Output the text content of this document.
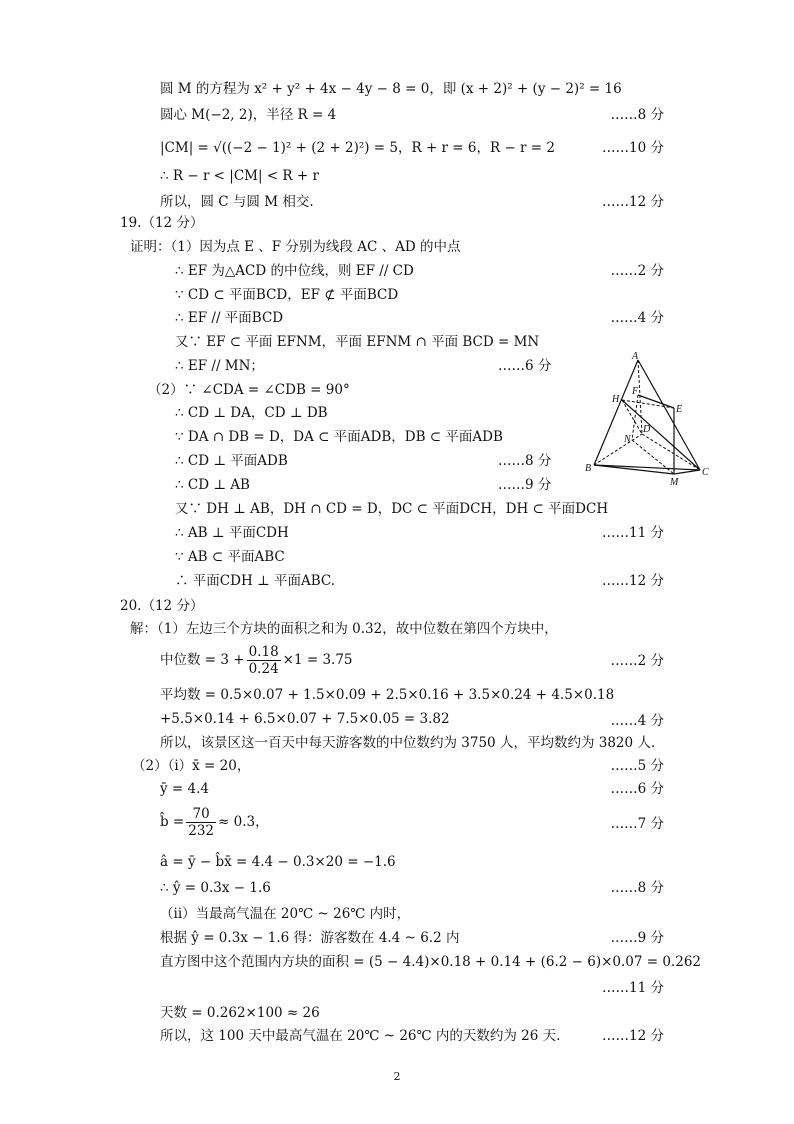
圆 M 的方程为 x² + y² + 4x − 4y − 8 = 0，即 (x + 2)² + (y − 2)² = 16
圆心 M(−2, 2)，半径 R = 4	……8 分
|CM| = √((−2 − 1)² + (2 + 2)²) = 5，R + r = 6，R − r = 2	……10 分
∴ R − r < |CM| < R + r
所以，圆 C 与圆 M 相交.	……12 分
19.（12 分）
证明：（1）因为点 E 、F 分别为线段 AC 、AD 的中点
∴ EF 为△ACD 的中位线，则 EF // CD	……2 分
∵ CD ⊂ 平面BCD，EF ⊄ 平面BCD
∴ EF // 平面BCD	……4 分
又∵ EF ⊂ 平面 EFNM，平面 EFNM ∩ 平面 BCD = MN
∴ EF // MN；	……6 分
（2）∵ ∠CDA = ∠CDB = 90°
∴ CD ⊥ DA，CD ⊥ DB
∵ DA ∩ DB = D，DA ⊂ 平面ADB，DB ⊂ 平面ADB
∴ CD ⊥ 平面ADB	……8 分
∴ CD ⊥ AB	……9 分
又∵ DH ⊥ AB，DH ∩ CD = D，DC ⊂ 平面DCH，DH ⊂ 平面DCH
∴ AB ⊥ 平面CDH	……11 分
∵ AB ⊂ 平面ABC
∴ 平面CDH ⊥ 平面ABC.	……12 分
A
B	C
D
E
F
H
M
N
20.（12 分）
解：（1）左边三个方块的面积之和为 0.32，故中位数在第四个方块中，
中位数 = $3 + \frac{0.18}{0.24} \times 1 = 3.75$	……2 分
平均数 = 0.5×0.07 + 1.5×0.09 + 2.5×0.16 + 3.5×0.24 + 4.5×0.18
+5.5×0.14 + 6.5×0.07 + 7.5×0.05 = 3.82	……4 分
所以，该景区这一百天中每天游客数的中位数约为 3750 人，平均数约为 3820 人.
（2）（i）x̄ = 20，	……5 分
ȳ = 4.4	……6 分
b̂ = $\frac{70}{232} \approx 0.3$，	……7 分
â = ȳ − b̂x̄ = 4.4 − 0.3×20 = −1.6
∴ ŷ = 0.3x − 1.6	……8 分
（ii）当最高气温在 20℃ ~ 26℃ 内时，
根据 ŷ = 0.3x − 1.6 得：游客数在 4.4 ~ 6.2 内	……9 分
直方图中这个范围内方块的面积 = (5 − 4.4)×0.18 + 0.14 + (6.2 − 6)×0.07 = 0.262
……11 分
天数 = 0.262×100 ≈ 26
所以，这 100 天中最高气温在 20℃ ~ 26℃ 内的天数约为 26 天.	……12 分
2
